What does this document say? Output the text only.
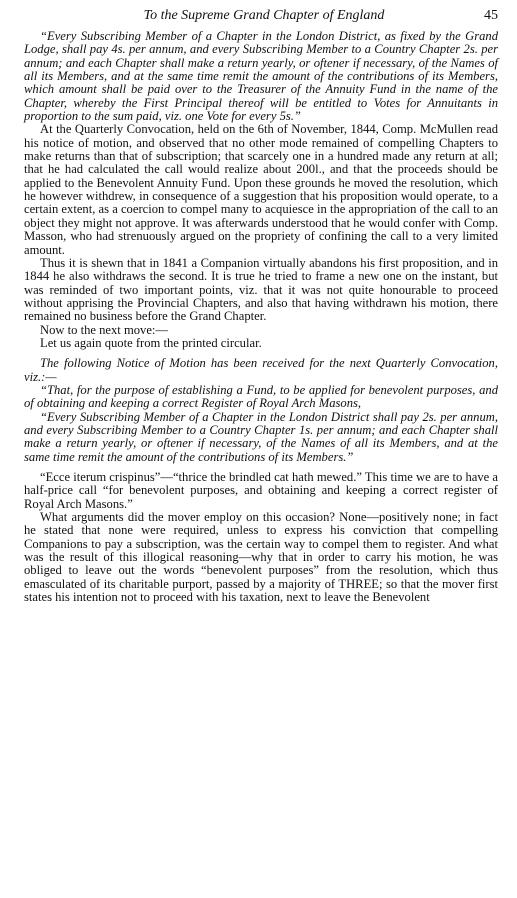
To the Supreme Grand Chapter of England	45

“Every Subscribing Member of a Chapter in the London District, as fixed by the Grand Lodge, shall pay 4s. per annum, and every Subscribing Member to a Country Chapter 2s. per annum; and each Chapter shall make a return yearly, or oftener if necessary, of the Names of all its Members, and at the same time remit the amount of the contributions of its Members, which amount shall be paid over to the Treasurer of the Annuity Fund in the name of the Chapter, whereby the First Principal thereof will be entitled to Votes for Annuitants in proportion to the sum paid, viz. one Vote for every 5s.”

At the Quarterly Convocation, held on the 6th of November, 1844, Comp. McMullen read his notice of motion, and observed that no other mode remained of compelling Chapters to make returns than that of subscription; that scarcely one in a hundred made any return at all; that he had calculated the call would realize about 200l., and that the proceeds should be applied to the Benevolent Annuity Fund. Upon these grounds he moved the resolution, which he however withdrew, in consequence of a suggestion that his proposition would operate, to a certain extent, as a coercion to compel many to acquiesce in the appropriation of the call to an object they might not approve. It was afterwards understood that he would confer with Comp. Masson, who had strenuously argued on the propriety of confining the call to a very limited amount.

Thus it is shewn that in 1841 a Companion virtually abandons his first proposition, and in 1844 he also withdraws the second. It is true he tried to frame a new one on the instant, but was reminded of two important points, viz. that it was not quite honourable to proceed without apprising the Provincial Chapters, and also that having withdrawn his motion, there remained no business before the Grand Chapter.

Now to the next move:—

Let us again quote from the printed circular.

The following Notice of Motion has been received for the next Quarterly Convocation, viz.:—

“That, for the purpose of establishing a Fund, to be applied for benevolent purposes, and of obtaining and keeping a correct Register of Royal Arch Masons,

“Every Subscribing Member of a Chapter in the London District shall pay 2s. per annum, and every Subscribing Member to a Country Chapter 1s. per annum; and each Chapter shall make a return yearly, or oftener if necessary, of the Names of all its Members, and at the same time remit the amount of the contributions of its Members.”

“Ecce iterum crispinus”—“thrice the brindled cat hath mewed.” This time we are to have a half-price call “for benevolent purposes, and obtaining and keeping a correct register of Royal Arch Masons.”

What arguments did the mover employ on this occasion? None—positively none; in fact he stated that none were required, unless to express his conviction that compelling Companions to pay a subscription, was the certain way to compel them to register. And what was the result of this illogical reasoning—why that in order to carry his motion, he was obliged to leave out the words “benevolent purposes” from the resolution, which thus emasculated of its charitable purport, passed by a majority of THREE; so that the mover first states his intention not to proceed with his taxation, next to leave the Benevolent
